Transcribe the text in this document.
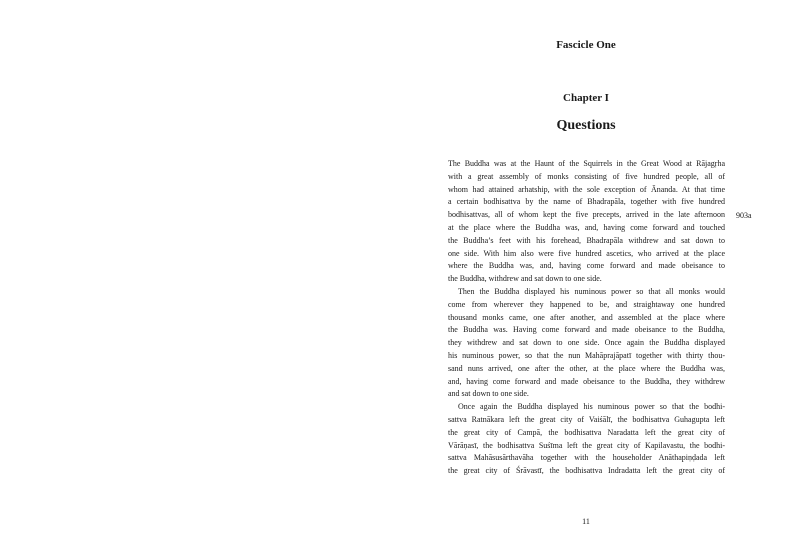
Fascicle One
Chapter I
Questions
The Buddha was at the Haunt of the Squirrels in the Great Wood at Rājagṛha
with a great assembly of monks consisting of five hundred people, all of
whom had attained arhatship, with the sole exception of Ānanda. At that time
a certain bodhisattva by the name of Bhadrapāla, together with five hundred
bodhisattvas, all of whom kept the five precepts, arrived in the late afternoon
at the place where the Buddha was, and, having come forward and touched
the Buddha’s feet with his forehead, Bhadrapāla withdrew and sat down to
one side. With him also were five hundred ascetics, who arrived at the place
where the Buddha was, and, having come forward and made obeisance to
the Buddha, withdrew and sat down to one side.
Then the Buddha displayed his numinous power so that all monks would
come from wherever they happened to be, and straightaway one hundred
thousand monks came, one after another, and assembled at the place where
the Buddha was. Having come forward and made obeisance to the Buddha,
they withdrew and sat down to one side. Once again the Buddha displayed
his numinous power, so that the nun Mahāprajāpatī together with thirty thou-
sand nuns arrived, one after the other, at the place where the Buddha was,
and, having come forward and made obeisance to the Buddha, they withdrew
and sat down to one side.
Once again the Buddha displayed his numinous power so that the bodhi-
sattva Ratnākara left the great city of Vaiśālī, the bodhisattva Guhagupta left
the great city of Campā, the bodhisattva Naradatta left the great city of
Vārāṇasī, the bodhisattva Suśīma left the great city of Kapilavastu, the bodhi-
sattva Mahāsusārthavāha together with the householder Anāthapiṇḍada left
the great city of Śrāvastī, the bodhisattva Indradatta left the great city of
903a
11
